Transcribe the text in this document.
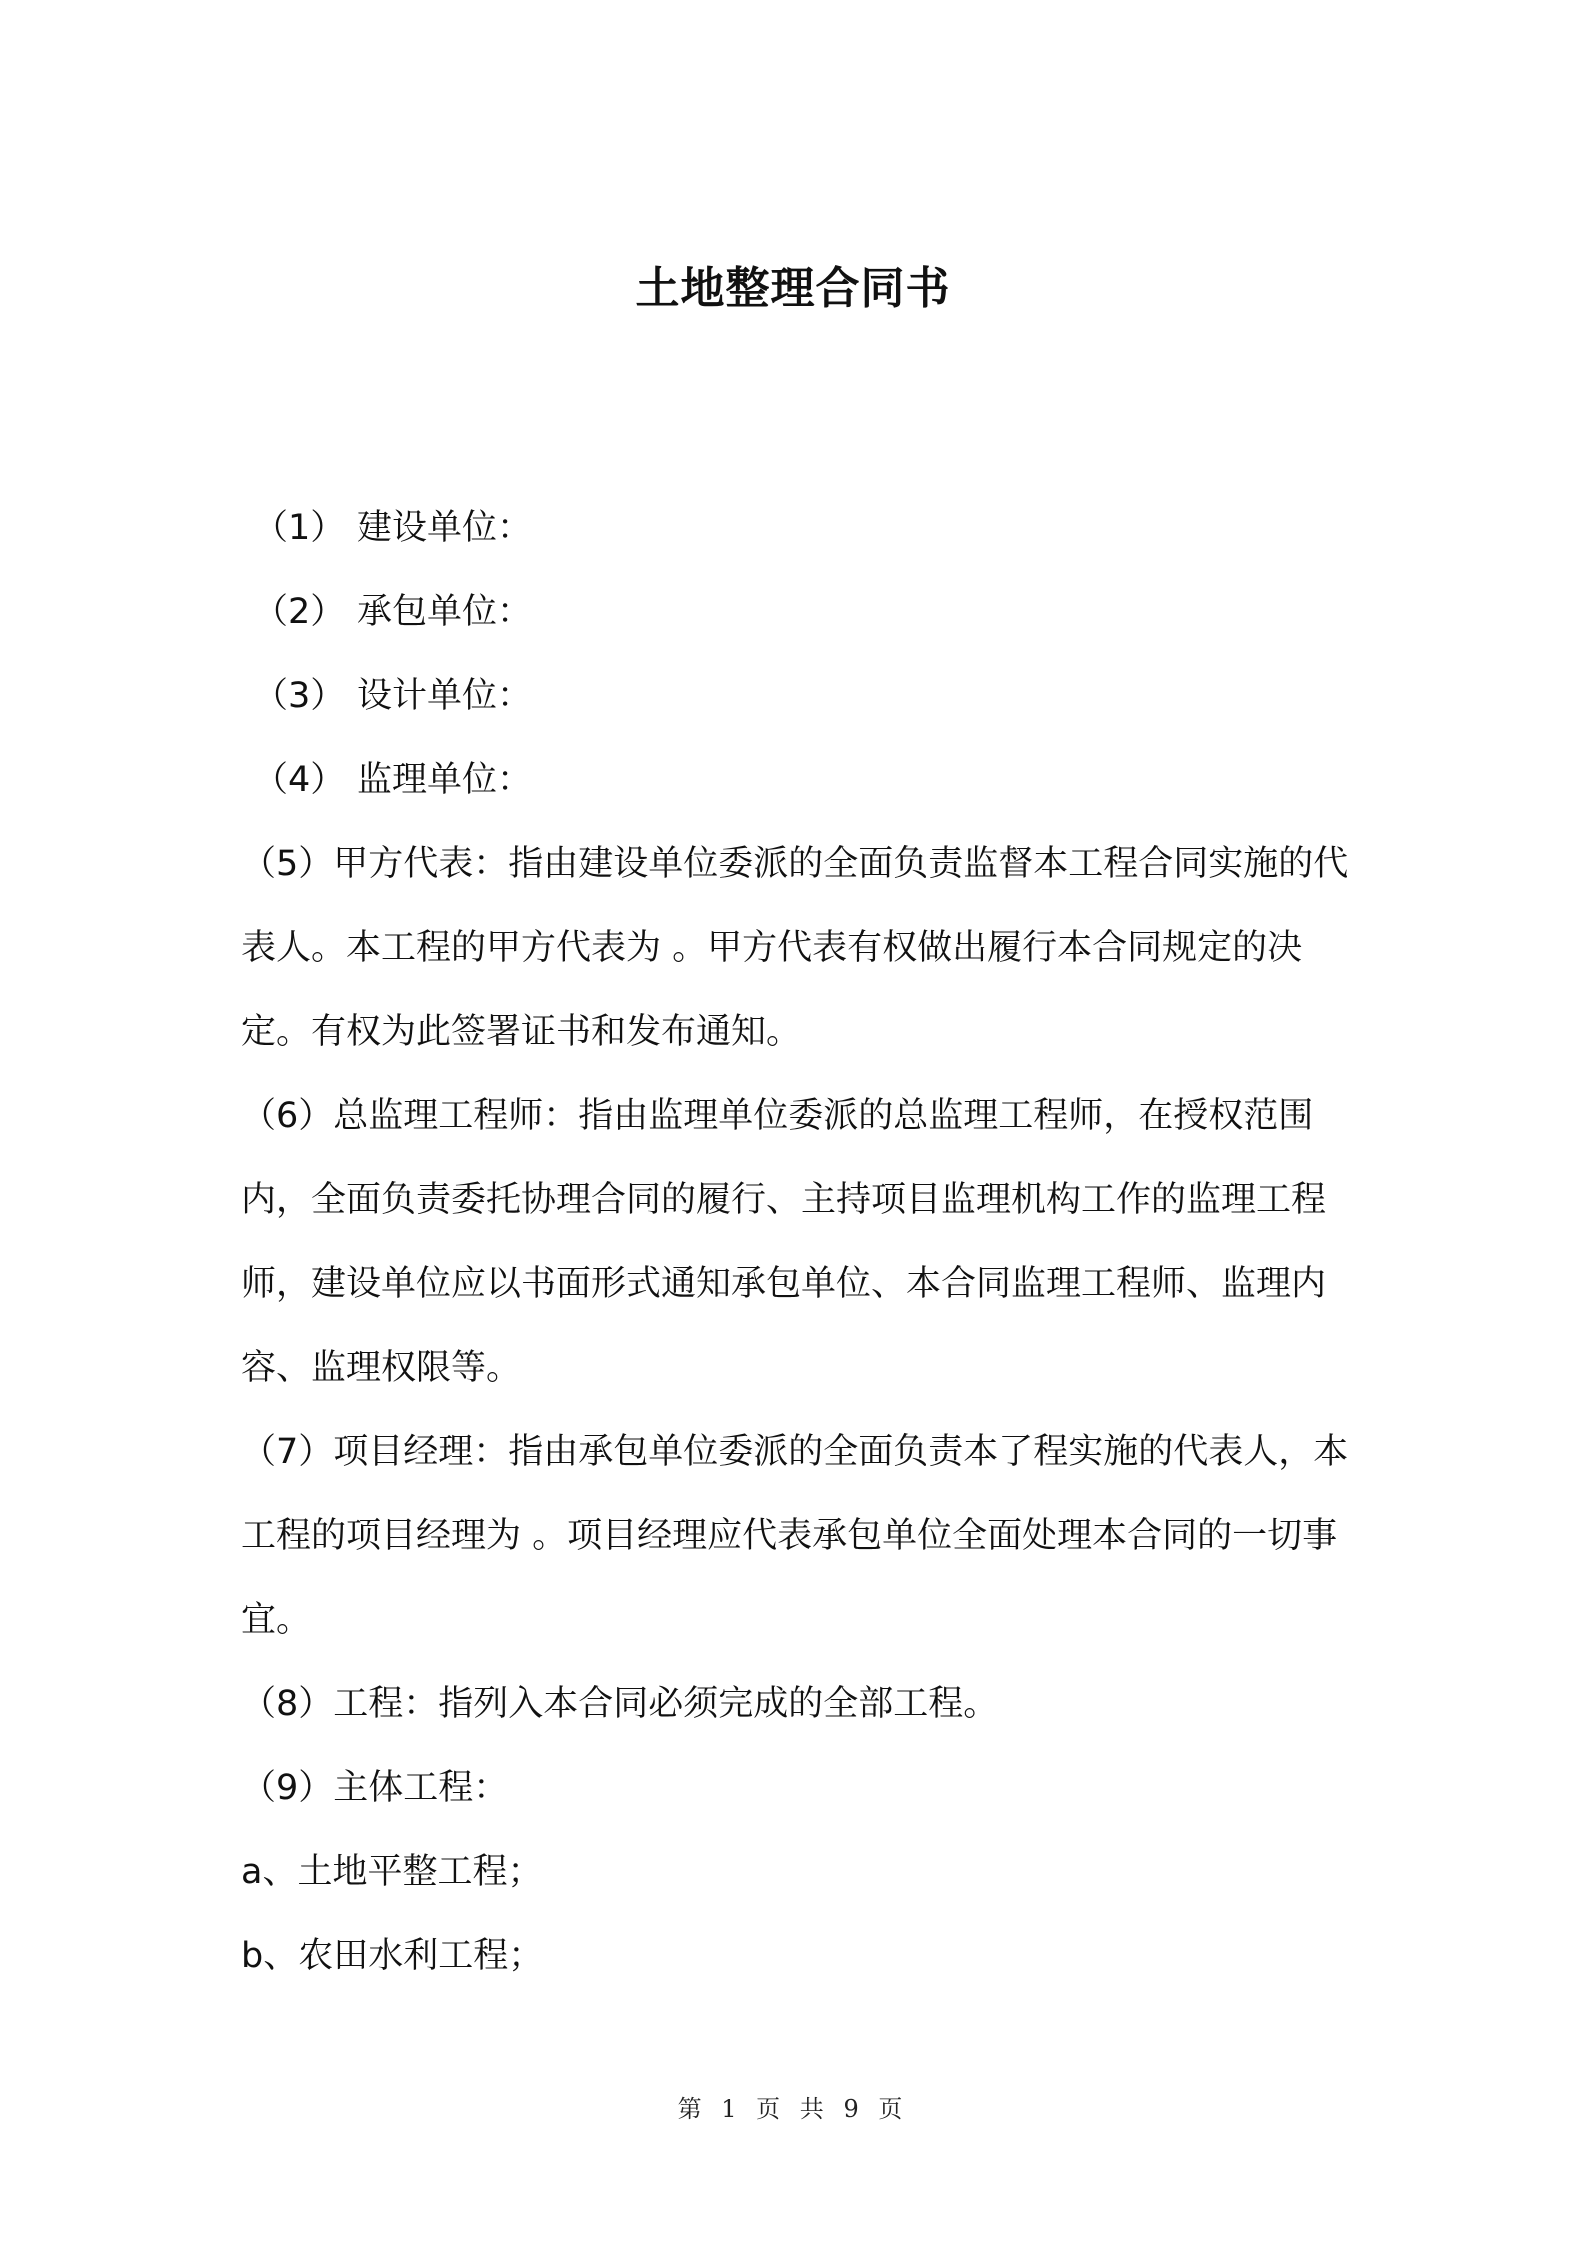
土地整理合同书

（1） 建设单位：

（2） 承包单位：

（3） 设计单位：

（4） 监理单位：

（5）甲方代表：指由建设单位委派的全面负责监督本工程合同实施的代表人。本工程的甲方代表为 。甲方代表有权做出履行本合同规定的决定。有权为此签署证书和发布通知。

（6）总监理工程师：指由监理单位委派的总监理工程师，在授权范围内，全面负责委托协理合同的履行、主持项目监理机构工作的监理工程师，建设单位应以书面形式通知承包单位、本合同监理工程师、监理内容、监理权限等。

（7）项目经理：指由承包单位委派的全面负责本了程实施的代表人，本工程的项目经理为 。项目经理应代表承包单位全面处理本合同的一切事宜。

（8）工程：指列入本合同必须完成的全部工程。

（9）主体工程：

a、土地平整工程；

b、农田水利工程；

第 1 页 共 9 页
